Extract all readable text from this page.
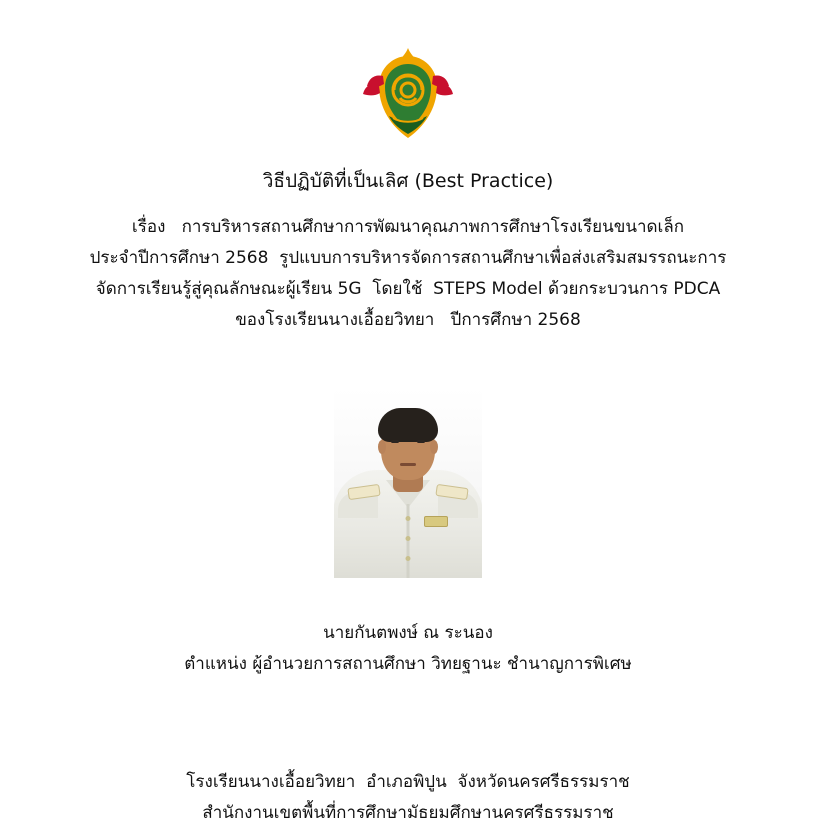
วิธีปฏิบัติที่เป็นเลิศ (Best Practice)
เรื่อง   การบริหารสถานศึกษาการพัฒนาคุณภาพการศึกษาโรงเรียนขนาดเล็ก
ประจำปีการศึกษา 2568  รูปแบบการบริหารจัดการสถานศึกษาเพื่อส่งเสริมสมรรถนะการ
จัดการเรียนรู้สู่คุณลักษณะผู้เรียน 5G  โดยใช้  STEPS Model ด้วยกระบวนการ PDCA
ของโรงเรียนนางเอื้อยวิทยา   ปีการศึกษา 2568
นายกันตพงษ์ ณ ระนอง
ตำแหน่ง ผู้อำนวยการสถานศึกษา วิทยฐานะ ชำนาญการพิเศษ
โรงเรียนนางเอื้อยวิทยา  อำเภอพิปูน  จังหวัดนครศรีธรรมราช
สำนักงานเขตพื้นที่การศึกษามัธยมศึกษานครศรีธรรมราช
